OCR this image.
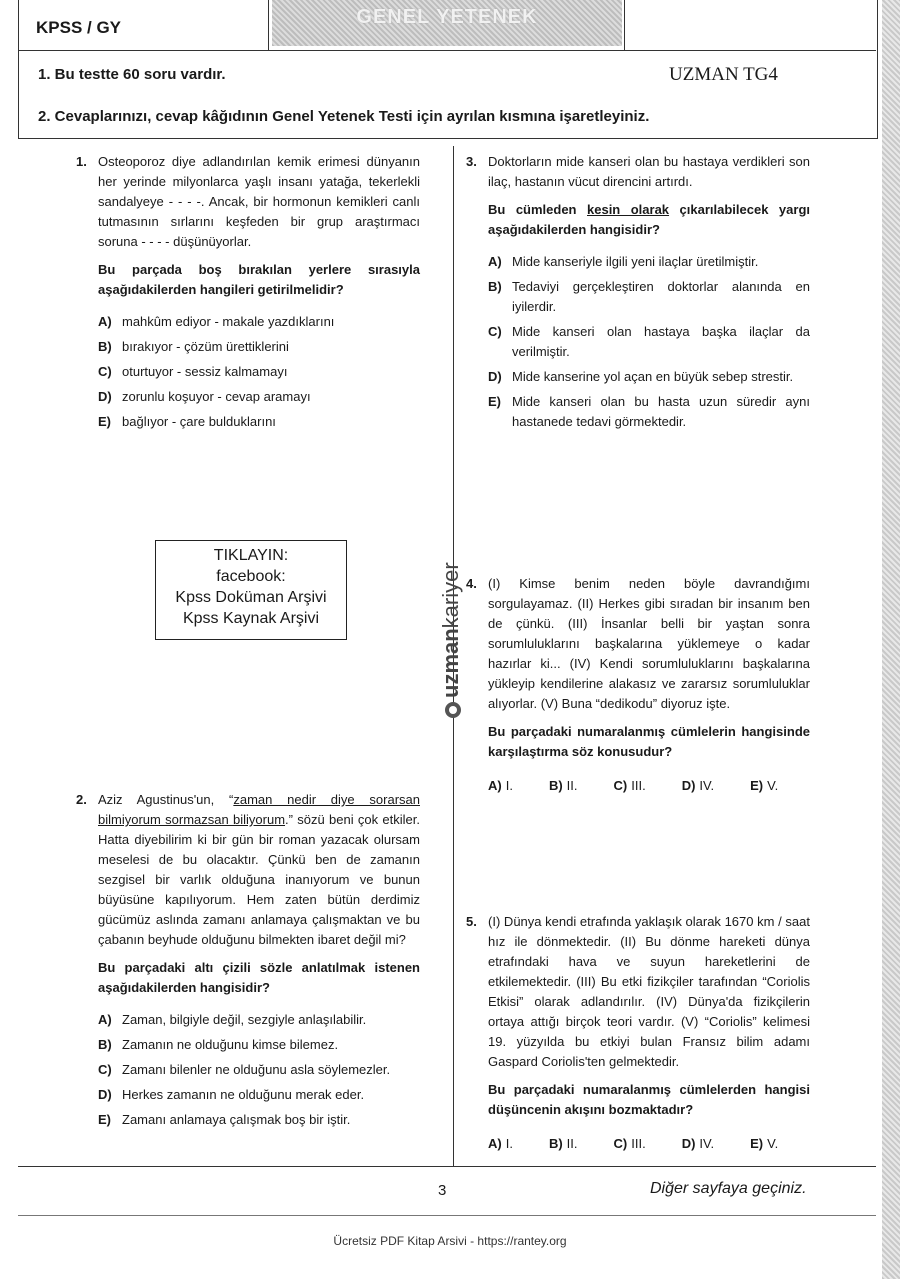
GENEL YETENEK
KPSS / GY
1. Bu testte 60 soru vardır.	UZMAN TG4
2. Cevaplarınızı, cevap kâğıdının Genel Yetenek Testi için ayrılan kısmına işaretleyiniz.
1. Osteoporoz diye adlandırılan kemik erimesi dünyanın her yerinde milyonlarca yaşlı insanı yatağa, tekerlekli sandalyeye - - - -. Ancak, bir hormonun kemikleri canlı tutmasının sırlarını keşfeden bir grup araştırmacı soruna - - - - düşünüyorlar.

Bu parçada boş bırakılan yerlere sırasıyla aşağıdakilerden hangileri getirilmelidir?

A) mahkûm ediyor - makale yazdıklarını
B) bırakıyor - çözüm ürettiklerini
C) oturtuyor - sessiz kalmamayı
D) zorunlu koşuyor - cevap aramayı
E) bağlıyor - çare bulduklarını
TIKLAYIN:
facebook:
Kpss Doküman Arşivi
Kpss Kaynak Arşivi
uzmankariyer
2. Aziz Agustinus'un, “zaman nedir diye sorarsan bilmiyorum sormazsan biliyorum.” sözü beni çok etkiler. Hatta diyebilirim ki bir gün bir roman yazacak olursam meselesi de bu olacaktır. Çünkü ben de zamanın sezgisel bir varlık olduğuna inanıyorum ve bunun büyüsüne kapılıyorum. Hem zaten bütün derdimiz gücümüz aslında zamanı anlamaya çalışmaktan ve bu çabanın beyhude olduğunu bilmekten ibaret değil mi?

Bu parçadaki altı çizili sözle anlatılmak istenen aşağıdakilerden hangisidir?

A) Zaman, bilgiyle değil, sezgiyle anlaşılabilir.
B) Zamanın ne olduğunu kimse bilemez.
C) Zamanı bilenler ne olduğunu asla söylemezler.
D) Herkes zamanın ne olduğunu merak eder.
E) Zamanı anlamaya çalışmak boş bir iştir.
3. Doktorların mide kanseri olan bu hastaya verdikleri son ilaç, hastanın vücut direncini artırdı.

Bu cümleden kesin olarak çıkarılabilecek yargı aşağıdakilerden hangisidir?

A) Mide kanseriyle ilgili yeni ilaçlar üretilmiştir.
B) Tedaviyi gerçekleştiren doktorlar alanında en iyilerdir.
C) Mide kanseri olan hastaya başka ilaçlar da verilmiştir.
D) Mide kanserine yol açan en büyük sebep strestir.
E) Mide kanseri olan bu hasta uzun süredir aynı hastanede tedavi görmektedir.
4. (I) Kimse benim neden böyle davrandığımı sorgulayamaz. (II) Herkes gibi sıradan bir insanım ben de çünkü. (III) İnsanlar belli bir yaştan sonra sorumluluklarını başkalarına yüklemeye o kadar hazırlar ki... (IV) Kendi sorumluluklarını başkalarına yükleyip kendilerine alakasız ve zararsız sorumluluklar alıyorlar. (V) Buna “dedikodu” diyoruz işte.

Bu parçadaki numaralanmış cümlelerin hangisinde karşılaştırma söz konusudur?

A) I.	B) II.	C) III.	D) IV.	E) V.
5. (I) Dünya kendi etrafında yaklaşık olarak 1670 km / saat hız ile dönmektedir. (II) Bu dönme hareketi dünya etrafındaki hava ve suyun hareketlerini de etkilemektedir. (III) Bu etki fizikçiler tarafından “Coriolis Etkisi” olarak adlandırılır. (IV) Dünya'da fizikçilerin ortaya attığı birçok teori vardır. (V) “Coriolis” kelimesi 19. yüzyılda bu etkiyi bulan Fransız bilim adamı Gaspard Coriolis'ten gelmektedir.

Bu parçadaki numaralanmış cümlelerden hangisi düşüncenin akışını bozmaktadır?

A) I.	B) II.	C) III.	D) IV.	E) V.
3	Diğer sayfaya geçiniz.
Ücretsiz PDF Kitap Arsivi - https://rantey.org
